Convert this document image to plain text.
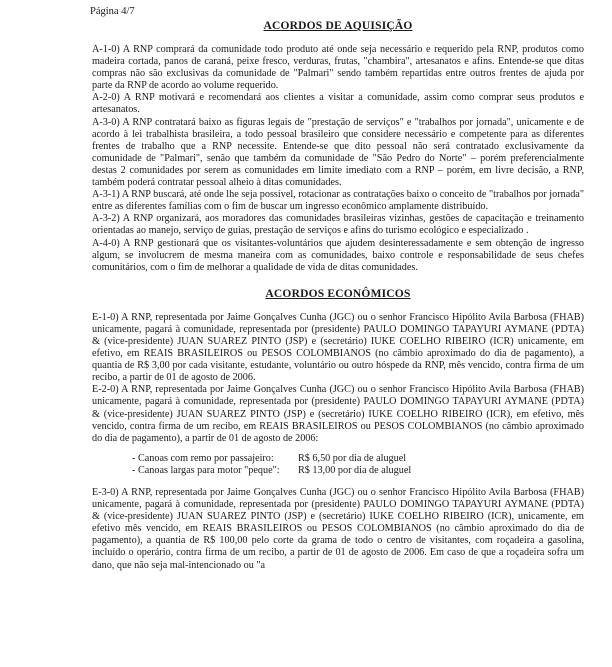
Página 4/7
ACORDOS DE AQUISIÇÃO

A-1-0) A RNP comprará da comunidade todo produto até onde seja necessário e requerido pela RNP, produtos como madeira cortada, panos de caraná, peixe fresco, verduras, frutas, "chambira", artesanatos e afins. Entende-se que ditas compras não são exclusivas da comunidade de "Palmari" sendo também repartidas entre outros frentes de ajuda por parte da RNP de acordo ao volume requerido.

A-2-0) A RNP motivará e recomendará aos clientes a visitar a comunidade, assim como comprar seus produtos e artesanatos.

A-3-0) A RNP contratará baixo as figuras legais de "prestação de serviços" e "trabalhos por jornada", unicamente e de acordo à lei trabalhista brasileira, a todo pessoal brasileiro que considere necessário e competente para as diferentes frentes de trabalho que a RNP necessite. Entende-se que dito pessoal não será contratado exclusivamente da comunidade de "Palmari", senão que também da comunidade de "São Pedro do Norte" – porém preferencialmente destas 2 comunidades por serem as comunidades em limite imediato com a RNP – porém, em livre decisão, a RNP, também poderá contratar pessoal alheio à ditas comunidades.

A-3-1) A RNP buscará, até onde lhe seja possível, rotacionar as contratações baixo o conceito de "trabalhos por jornada" entre as diferentes famílias com o fim de buscar um ingresso econômico amplamente distribuído.

A-3-2) A RNP organizará, aos moradores das comunidades brasileiras vizinhas, gestões de capacitação e treinamento orientadas ao manejo, serviço de guias, prestação de serviços e afins do turismo ecológico e especializado .

A-4-0) A RNP gestionará que os visitantes-voluntários que ajudem desinteressadamente e sem obtenção de ingresso algum, se involucrem de mesma maneira com as comunidades, baixo controle e responsabilidade de seus chefes comunitários, com o fim de melhorar a qualidade de vida de ditas comunidades.

ACORDOS ECONÔMICOS

E-1-0) A RNP, representada por Jaime Gonçalves Cunha (JGC) ou o senhor Francisco Hipólito Avila Barbosa (FHAB) unicamente, pagará à comunidade, representada por (presidente) PAULO DOMINGO TAPAYURI AYMANE (PDTA) & (vice-presidente) JUAN SUAREZ PINTO (JSP) e (secretário) IUKE COELHO RIBEIRO (ICR) unicamente, em efetivo, em REAIS BRASILEIROS ou PESOS COLOMBIANOS (no câmbio aproximado do dia de pagamento), a quantia de R$ 3,00 por cada visitante, estudante, voluntário ou outro hóspede da RNP, mês vencido, contra firma de um recibo, a partir de 01 de agosto de 2006.

E-2-0) A RNP, representada por Jaime Gonçalves Cunha (JGC) ou o senhor Francisco Hipólito Avila Barbosa (FHAB) unicamente, pagará à comunidade, representada por (presidente) PAULO DOMINGO TAPAYURI AYMANE (PDTA) & (vice-presidente) JUAN SUAREZ PINTO (JSP) e (secretário) IUKE COELHO RIBEIRO (ICR), em efetivo, mês vencido, contra firma de um recibo, em REAIS BRASILEIROS ou PESOS COLOMBIANOS (no câmbio aproximado do dia de pagamento), a partir de 01 de agosto de 2006:

- Canoas com remo por passajeiro:	R$ 6,50 por dia de aluguel
- Canoas largas para motor "peque":	R$ 13,00 por dia de aluguel

E-3-0) A RNP, representada por Jaime Gonçalves Cunha (JGC) ou o senhor Francisco Hipólito Avila Barbosa (FHAB) unicamente, pagará à comunidade, representada por (presidente) PAULO DOMINGO TAPAYURI AYMANE (PDTA) & (vice-presidente) JUAN SUAREZ PINTO (JSP) e (secretário) IUKE COELHO RIBEIRO (ICR), unicamente, em efetivo mês vencido, em REAIS BRASILEIROS ou PESOS COLOMBIANOS (no câmbio aproximado do dia de pagamento), a quantia de R$ 100,00 pelo corte da grama de todo o centro de visitantes, com roçadeira a gasolina, incluído o operário, contra firma de um recibo, a partir de 01 de agosto de 2006. Em caso de que a roçadeira sofra um dano, que não seja mal-intencionado ou "a
